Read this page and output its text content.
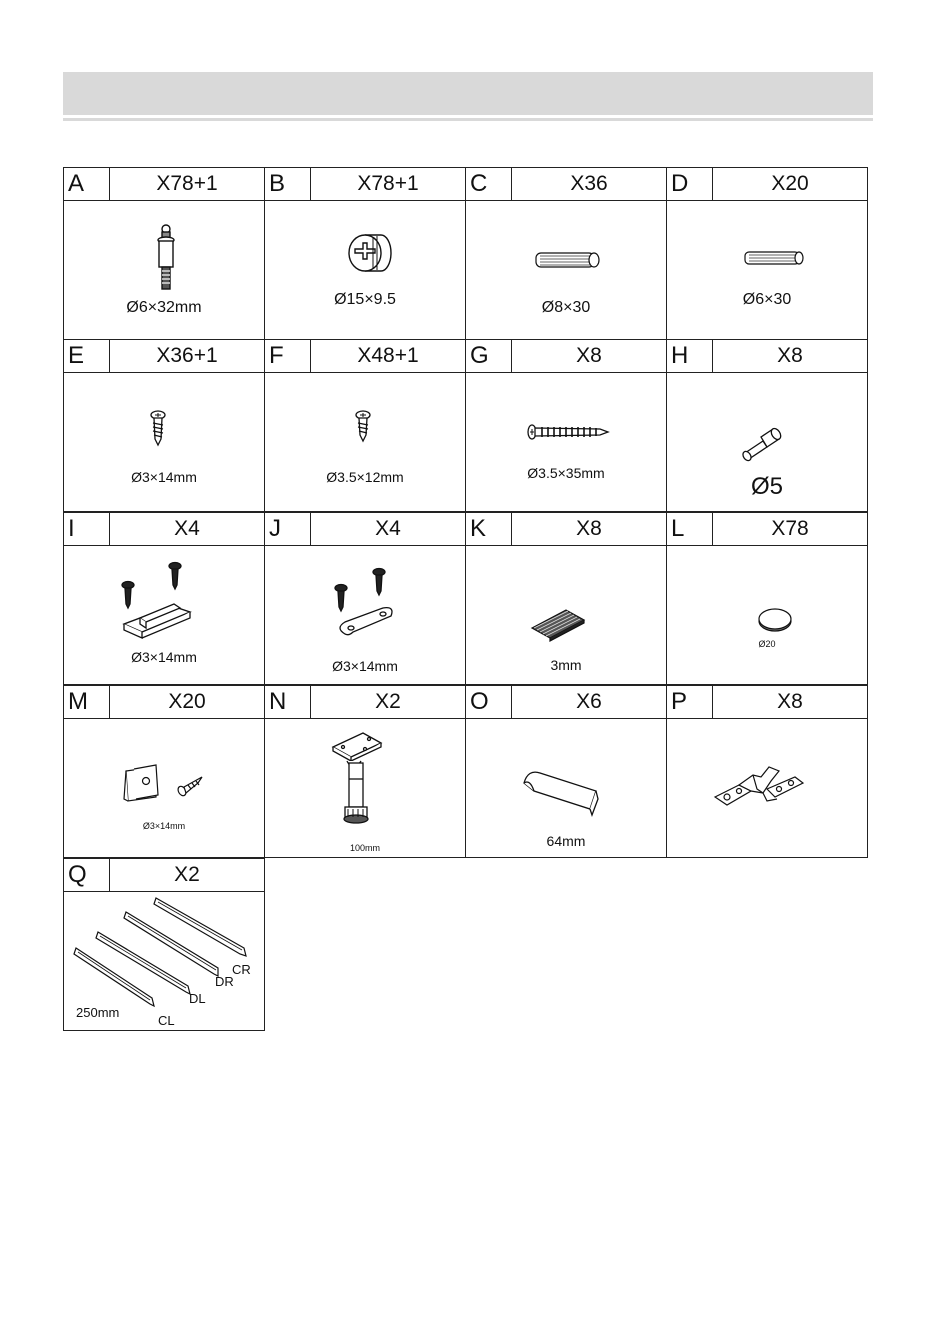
A	X78+1
Ø6×32mm
B	X78+1
Ø15×9.5
C	X36
Ø8×30
D	X20
Ø6×30
E	X36+1
Ø3×14mm
F	X48+1
Ø3.5×12mm
G	X8
Ø3.5×35mm
H	X8
Ø5
I	X4
Ø3×14mm
J	X4
Ø3×14mm
K	X8
3mm
L	X78
Ø20
M	X20
Ø3×14mm
N	X2
100mm
O	X6
64mm
P	X8
Q	X2
CR
DR
DL
250mm
CL
